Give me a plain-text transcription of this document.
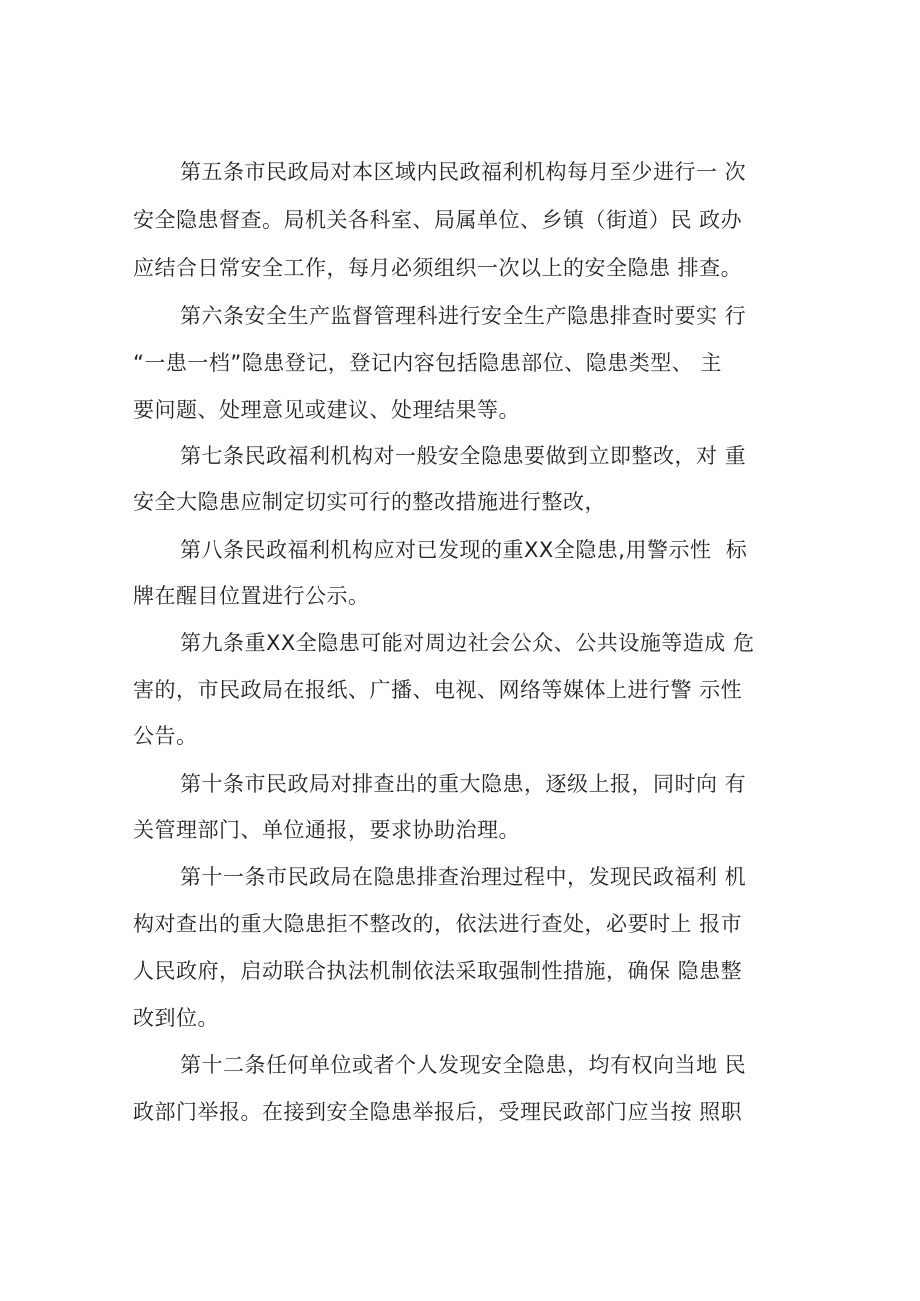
第五条市民政局对本区域内民政福利机构每月至少进行一 次
安全隐患督查。局机关各科室、局属单位、乡镇（街道）民 政办
应结合日常安全工作，每月必须组织一次以上的安全隐患 排查。
第六条安全生产监督管理科进行安全生产隐患排查时要实 行
“一患一档”隐患登记，登记内容包括隐患部位、隐患类型、 主
要问题、处理意见或建议、处理结果等。
第七条民政福利机构对一般安全隐患要做到立即整改，对 重
安全大隐患应制定切实可行的整改措施进行整改，
第八条民政福利机构应对已发现的重XX全隐患,用警示性  标
牌在醒目位置进行公示。
第九条重XX全隐患可能对周边社会公众、公共设施等造成 危
害的，市民政局在报纸、广播、电视、网络等媒体上进行警 示性
公告。
第十条市民政局对排查出的重大隐患，逐级上报，同时向 有
关管理部门、单位通报，要求协助治理。
第十一条市民政局在隐患排查治理过程中，发现民政福利 机
构对查出的重大隐患拒不整改的，依法进行查处，必要时上 报市
人民政府，启动联合执法机制依法采取强制性措施，确保 隐患整
改到位。
第十二条任何单位或者个人发现安全隐患，均有权向当地 民
政部门举报。在接到安全隐患举报后，受理民政部门应当按 照职
